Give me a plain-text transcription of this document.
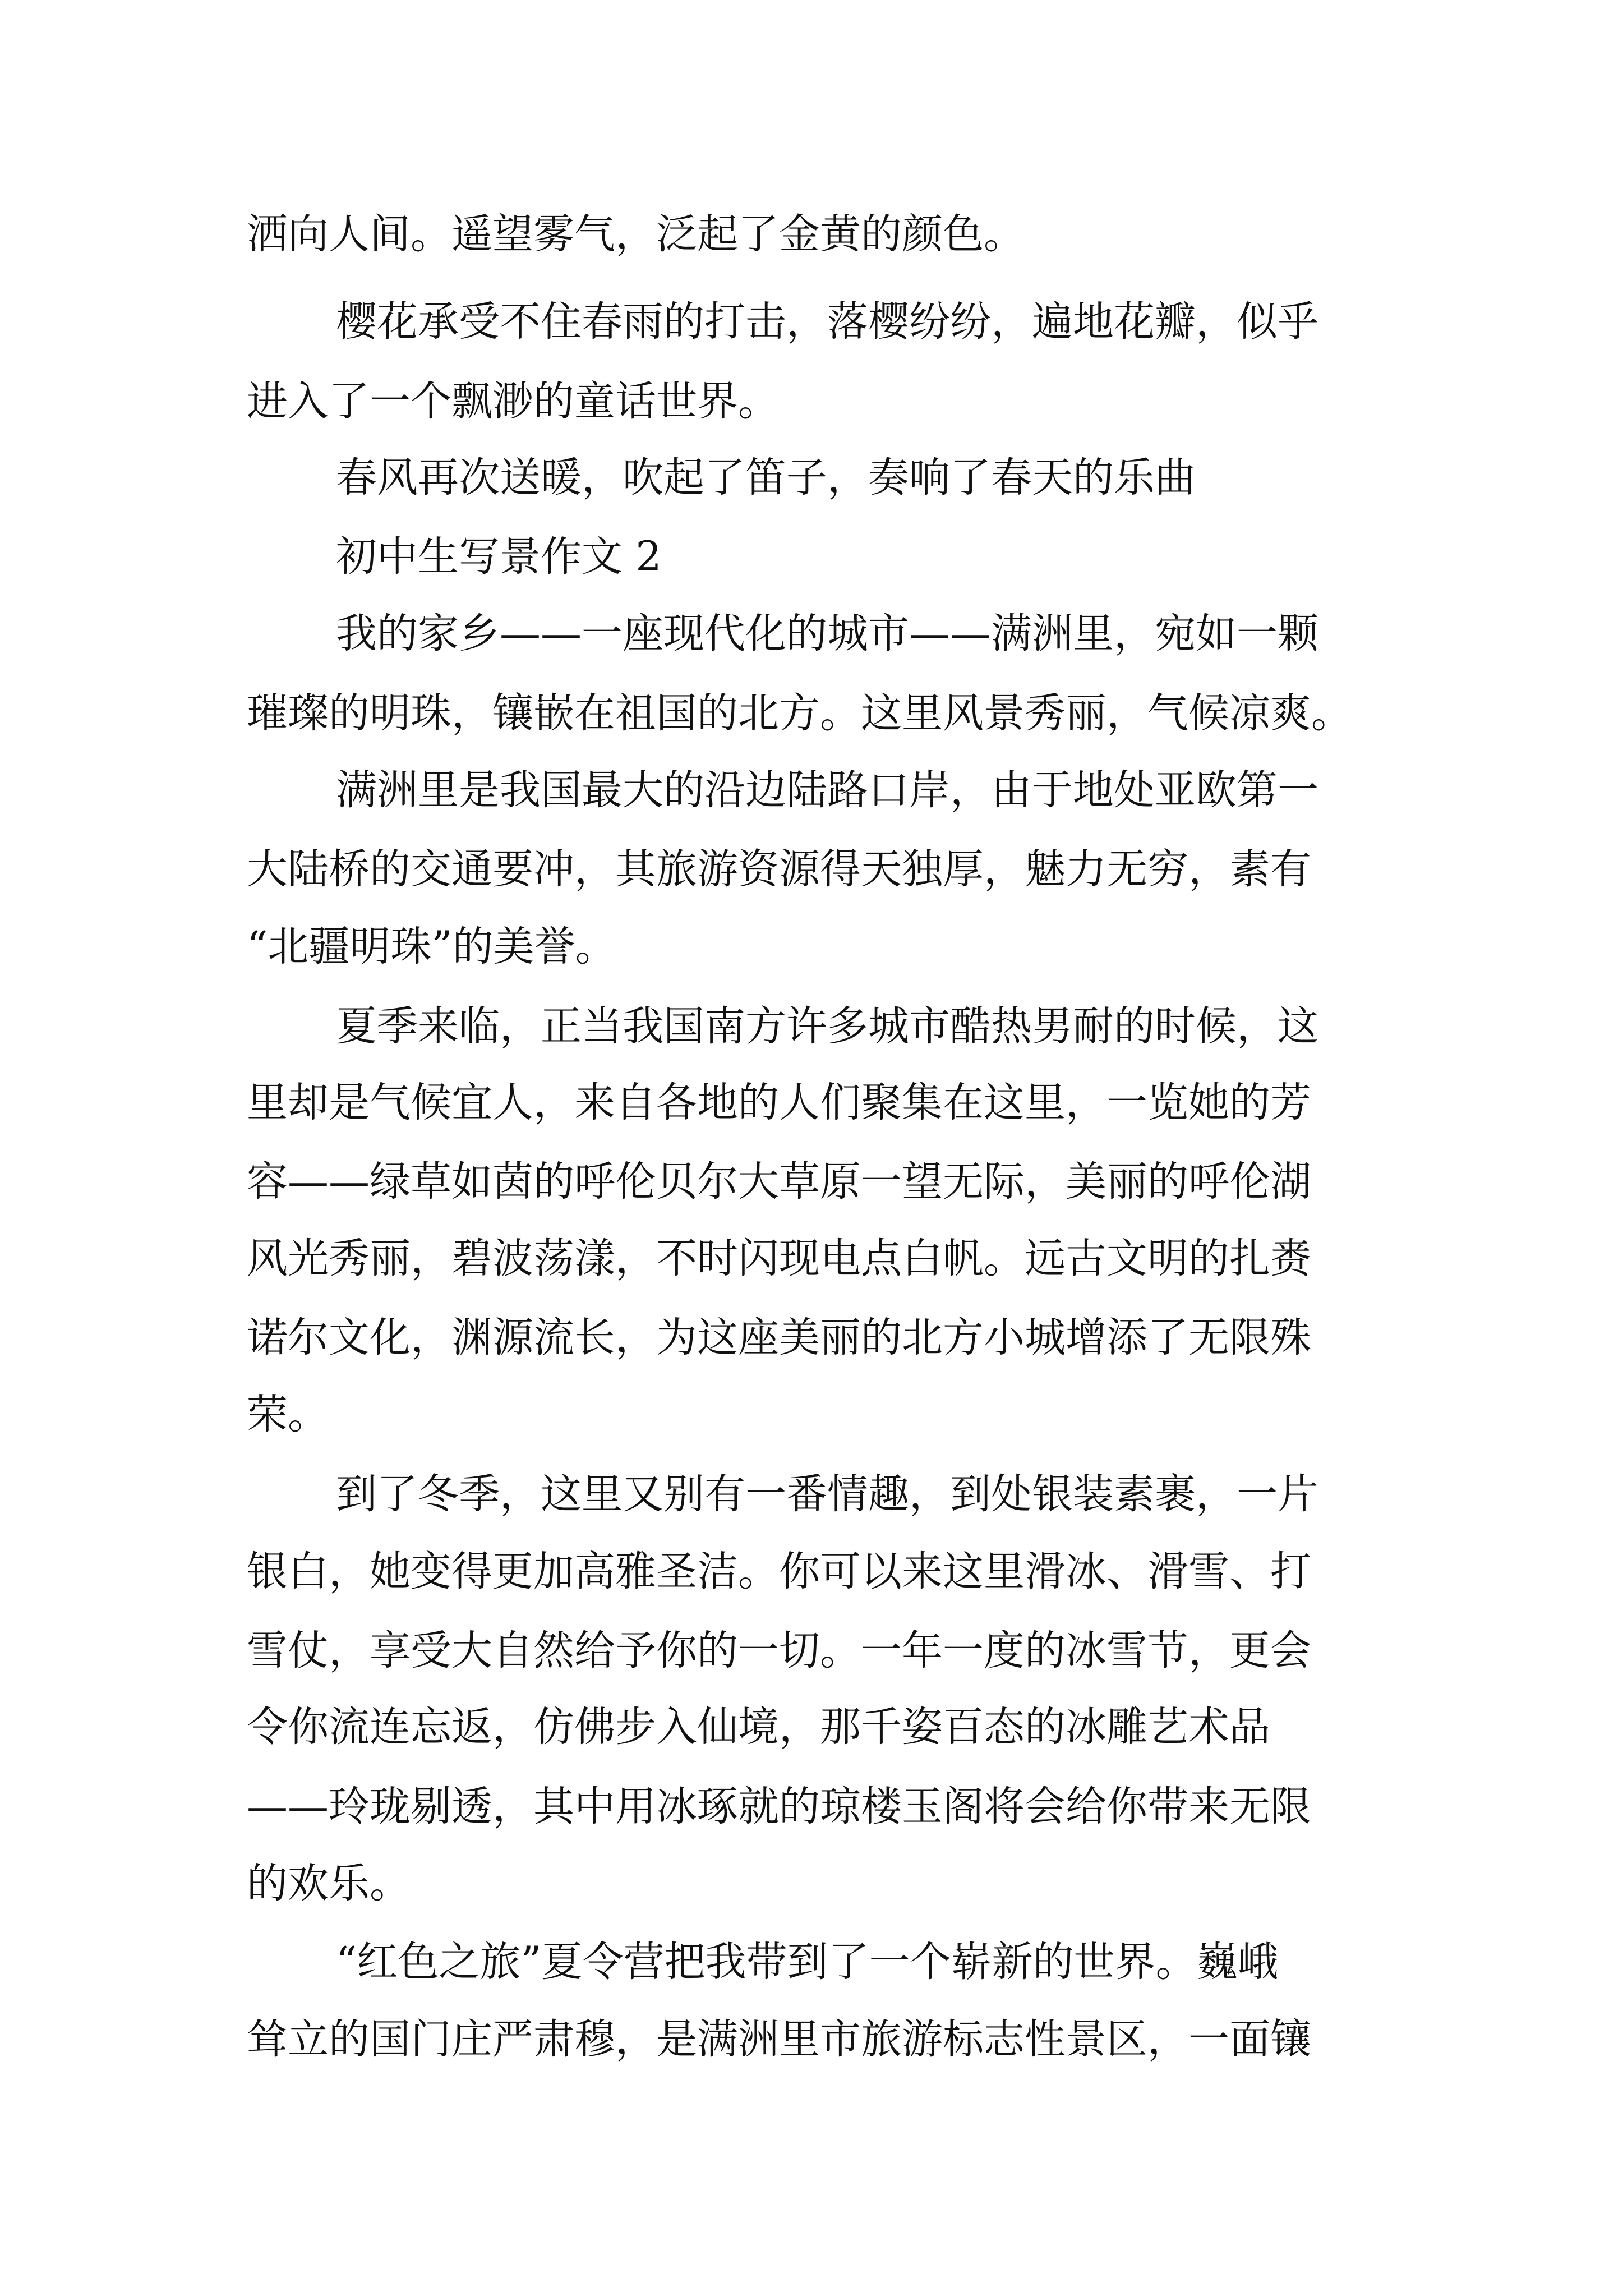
洒向人间。遥望雾气，泛起了金黄的颜色。
樱花承受不住春雨的打击，落樱纷纷，遍地花瓣，似乎
进入了一个飘渺的童话世界。
春风再次送暖，吹起了笛子，奏响了春天的乐曲
初中生写景作文 2
我的家乡——一座现代化的城市——满洲里，宛如一颗
璀璨的明珠，镶嵌在祖国的北方。这里风景秀丽，气候凉爽。
满洲里是我国最大的沿边陆路口岸，由于地处亚欧第一
大陆桥的交通要冲，其旅游资源得天独厚，魅力无穷，素有
“北疆明珠”的美誉。
夏季来临，正当我国南方许多城市酷热男耐的时候，这
里却是气候宜人，来自各地的人们聚集在这里，一览她的芳
容——绿草如茵的呼伦贝尔大草原一望无际，美丽的呼伦湖
风光秀丽，碧波荡漾，不时闪现电点白帆。远古文明的扎赉
诺尔文化，渊源流长，为这座美丽的北方小城增添了无限殊
荣。
到了冬季，这里又别有一番情趣，到处银装素裹，一片
银白，她变得更加高雅圣洁。你可以来这里滑冰、滑雪、打
雪仗，享受大自然给予你的一切。一年一度的冰雪节，更会
令你流连忘返，仿佛步入仙境，那千姿百态的冰雕艺术品
——玲珑剔透，其中用冰琢就的琼楼玉阁将会给你带来无限
的欢乐。
“红色之旅”夏令营把我带到了一个崭新的世界。巍峨
耸立的国门庄严肃穆，是满洲里市旅游标志性景区，一面镶
